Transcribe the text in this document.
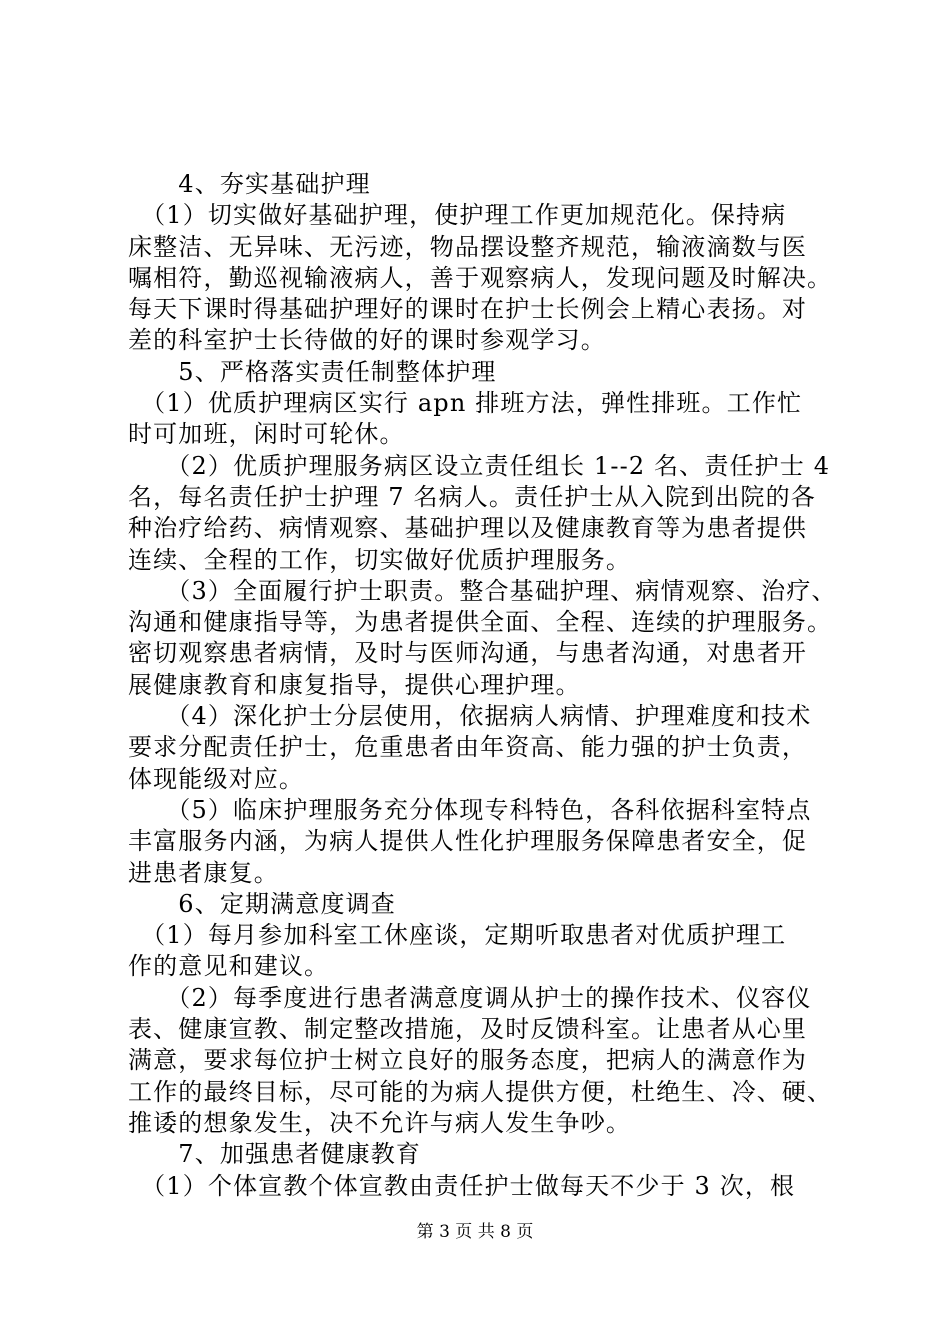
　　4、夯实基础护理
　（1）切实做好基础护理，使护理工作更加规范化。保持病
床整洁、无异味、无污迹，物品摆设整齐规范，输液滴数与医
嘱相符，勤巡视输液病人，善于观察病人，发现问题及时解决。
每天下课时得基础护理好的课时在护士长例会上精心表扬。对
差的科室护士长待做的好的课时参观学习。
　　5、严格落实责任制整体护理
　（1）优质护理病区实行 apn 排班方法，弹性排班。工作忙
时可加班，闲时可轮休。
　　（2）优质护理服务病区设立责任组长 1--2 名、责任护士 4
名，每名责任护士护理 7 名病人。责任护士从入院到出院的各
种治疗给药、病情观察、基础护理以及健康教育等为患者提供
连续、全程的工作，切实做好优质护理服务。
　　（3）全面履行护士职责。整合基础护理、病情观察、治疗、
沟通和健康指导等，为患者提供全面、全程、连续的护理服务。
密切观察患者病情，及时与医师沟通，与患者沟通，对患者开
展健康教育和康复指导，提供心理护理。
　　（4）深化护士分层使用，依据病人病情、护理难度和技术
要求分配责任护士，危重患者由年资高、能力强的护士负责，
体现能级对应。
　　（5）临床护理服务充分体现专科特色，各科依据科室特点
丰富服务内涵，为病人提供人性化护理服务保障患者安全，促
进患者康复。
　　6、定期满意度调查
　（1）每月参加科室工休座谈，定期听取患者对优质护理工
作的意见和建议。
　　（2）每季度进行患者满意度调从护士的操作技术、仪容仪
表、健康宣教、制定整改措施，及时反馈科室。让患者从心里
满意，要求每位护士树立良好的服务态度，把病人的满意作为
工作的最终目标，尽可能的为病人提供方便，杜绝生、冷、硬、
推诿的想象发生，决不允许与病人发生争吵。
　　7、加强患者健康教育
　（1）个体宣教个体宣教由责任护士做每天不少于 3 次，根
第 3 页 共 8 页
